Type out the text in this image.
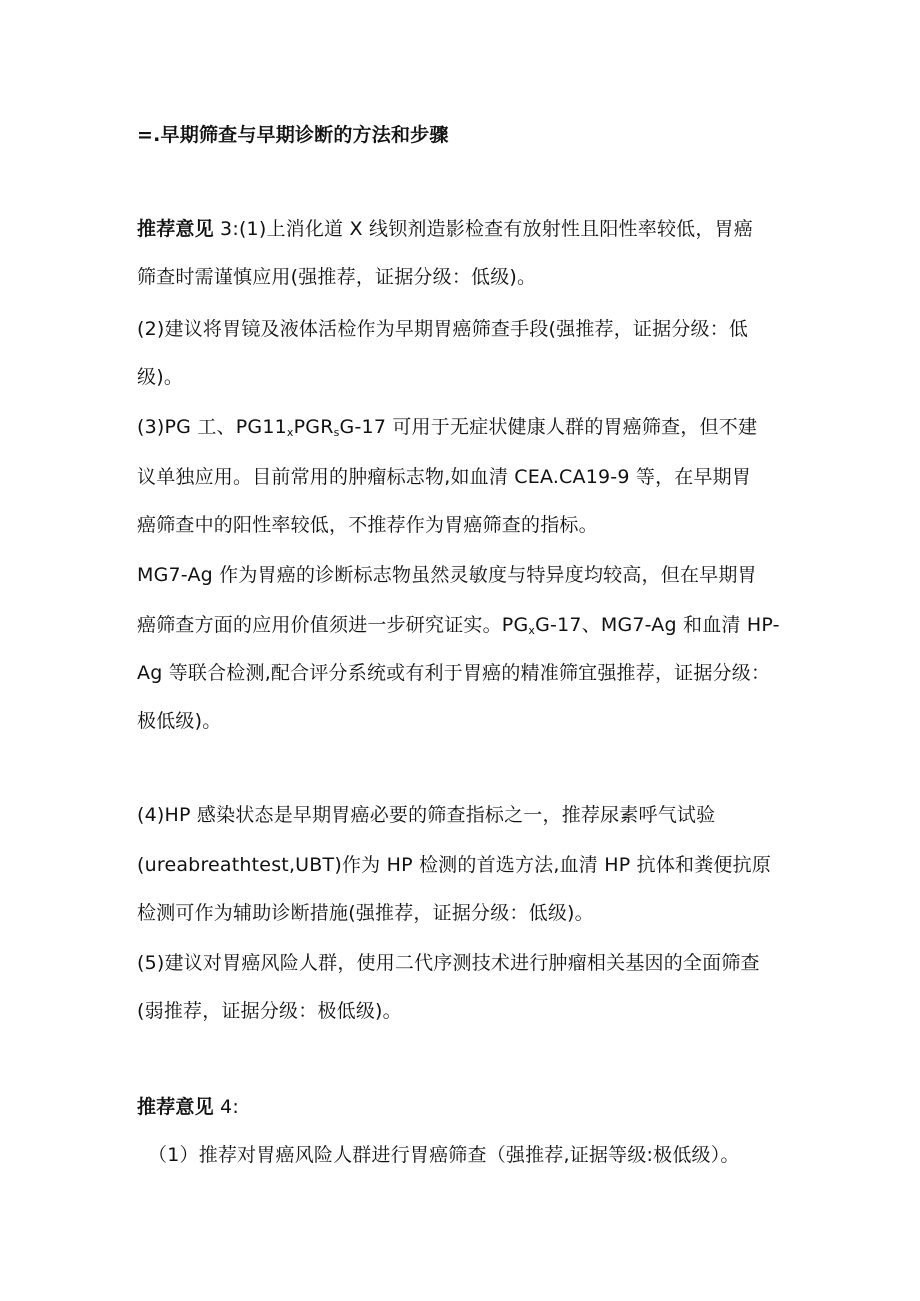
=.早期筛查与早期诊断的方法和步骤
推荐意见 3:(1)上消化道 X 线钡剂造影检查有放射性且阳性率较低，胃癌
筛查时需谨慎应用(强推荐，证据分级：低级)。
(2)建议将胃镜及液体活检作为早期胃癌筛查手段(强推荐，证据分级：低
级)。
(3)PG 工、$PG11_xPGR_sG-17$ 可用于无症状健康人群的胃癌筛查，但不建
议单独应用。目前常用的肿瘤标志物,如血清 CEA.CA19-9 等，在早期胃
癌筛查中的阳性率较低，不推荐作为胃癌筛查的指标。
MG7-Ag 作为胃癌的诊断标志物虽然灵敏度与特异度均较高，但在早期胃
癌筛查方面的应用价值须进一步研究证实。$PG_xG-17$、MG7-Ag 和血清 HP-
Ag 等联合检测,配合评分系统或有利于胃癌的精准筛宜强推荐，证据分级：
极低级)。
(4)HP 感染状态是早期胃癌必要的筛查指标之一，推荐尿素呼气试验
(ureabreathtest,UBT)作为 HP 检测的首选方法,血清 HP 抗体和粪便抗原
检测可作为辅助诊断措施(强推荐，证据分级：低级)。
(5)建议对胃癌风险人群，使用二代序测技术进行肿瘤相关基因的全面筛查
(弱推荐，证据分级：极低级)。
推荐意见 4:
（1）推荐对胃癌风险人群进行胃癌筛查（强推荐,证据等级:极低级）。
